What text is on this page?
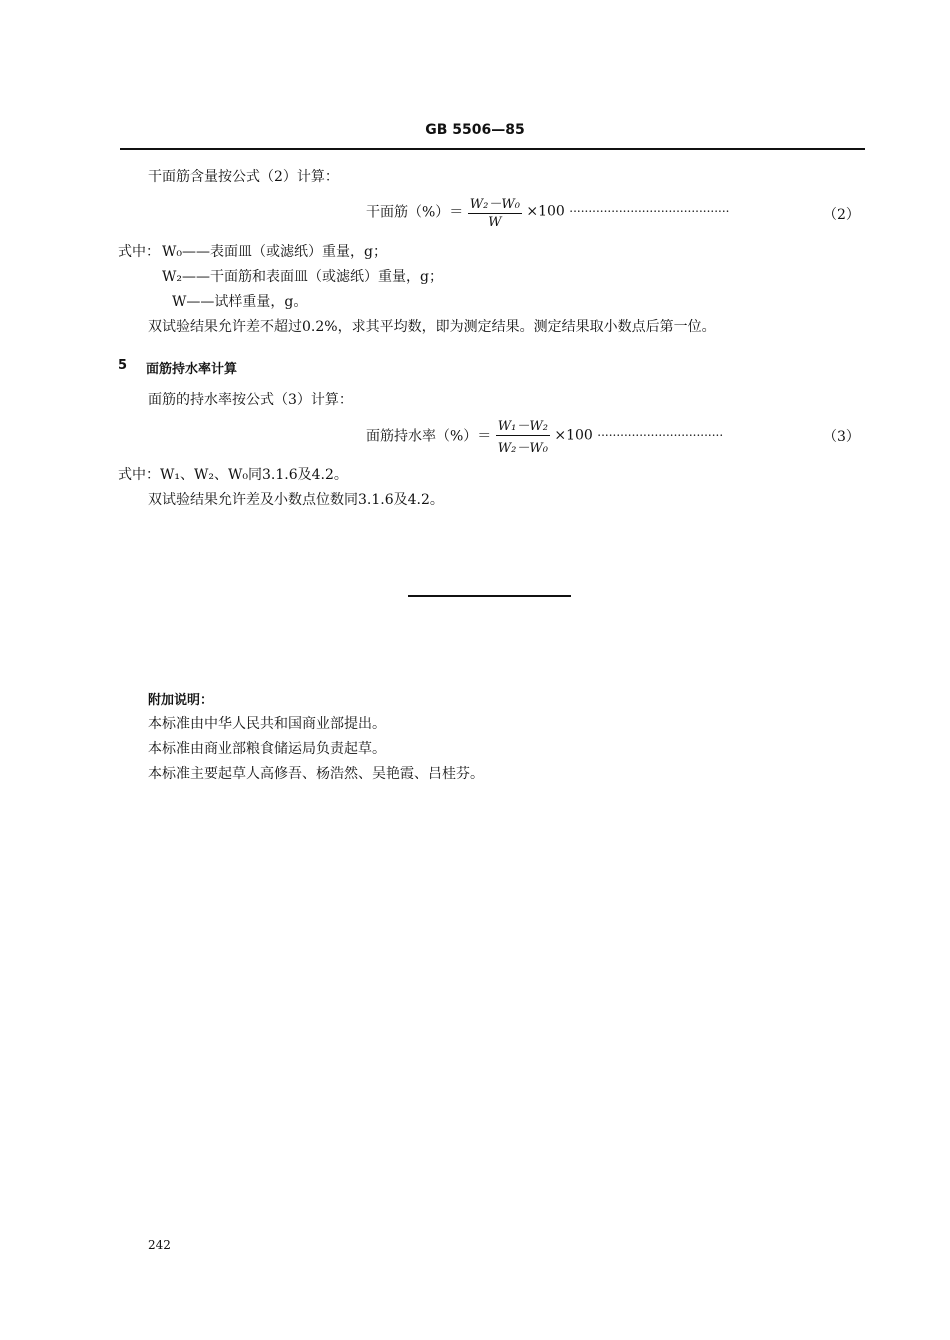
GB 5506—85
干面筋含量按公式（2）计算：
干面筋（%）＝ $\frac{\text{W₂－W₀}}{W} \times 100$ ··········································	（2）
式中： W₀——表面皿（或滤纸）重量，g；
W₂——干面筋和表面皿（或滤纸）重量，g；
W——试样重量，g。
双试验结果允许差不超过0.2%，求其平均数，即为测定结果。测定结果取小数点后第一位。
5 面筋持水率计算
面筋的持水率按公式（3）计算：
面筋持水率（%）＝ $\frac{\text{W₁－W₂}}{\text{W₂－W₀}} \times 100$ ·································	（3）
式中：W₁、W₂、W₀同3.1.6及4.2。
双试验结果允许差及小数点位数同3.1.6及4.2。
附加说明：
本标准由中华人民共和国商业部提出。
本标准由商业部粮食储运局负责起草。
本标准主要起草人高修吾、杨浩然、吴艳霞、吕桂芬。
242
